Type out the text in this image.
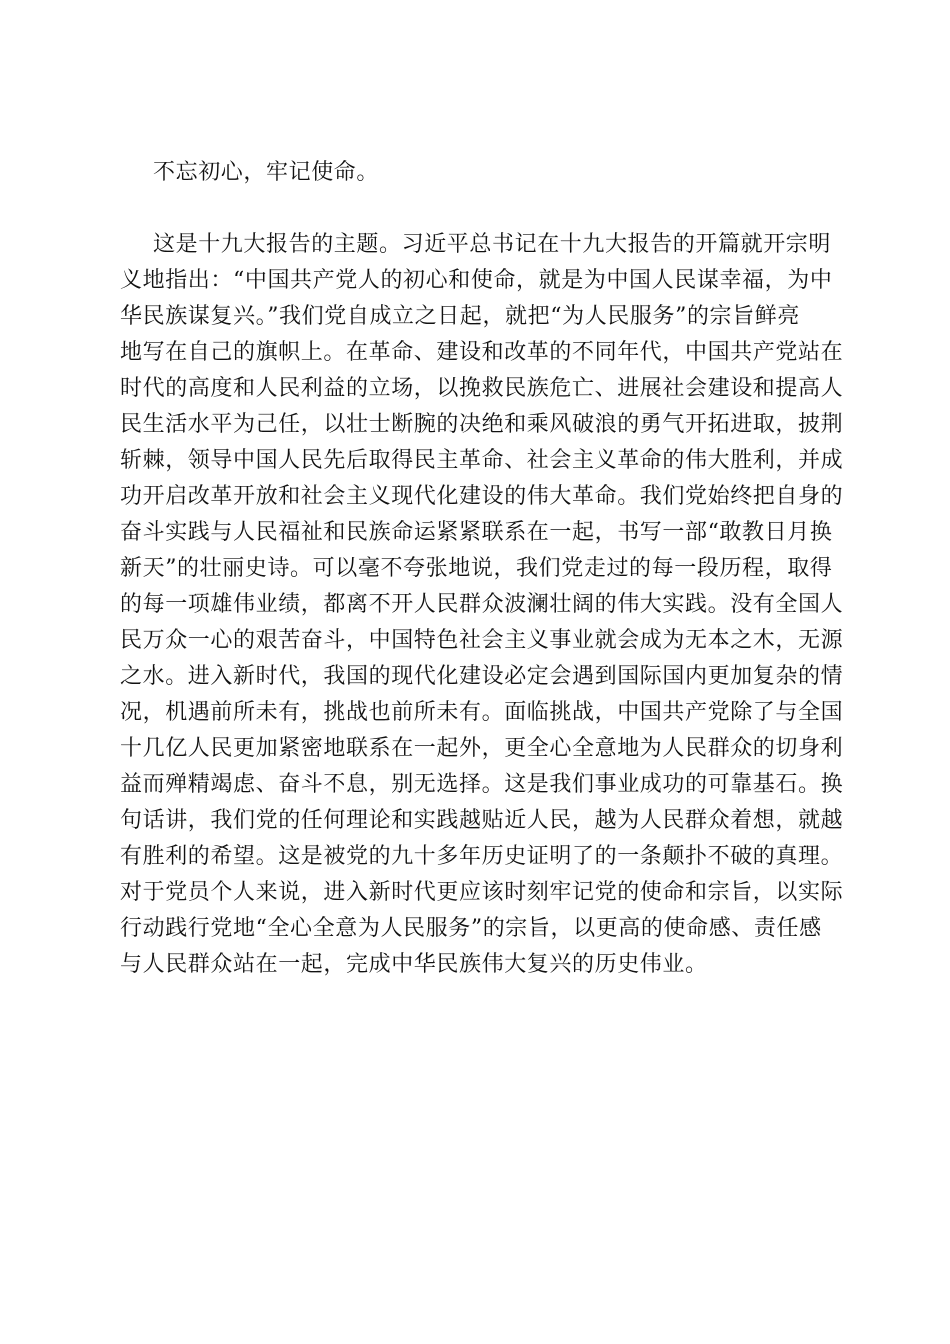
不忘初心，牢记使命。
这是十九大报告的主题。习近平总书记在十九大报告的开篇就开宗明
义地指出：“中国共产党人的初心和使命，就是为中国人民谋幸福，为中
华民族谋复兴。”我们党自成立之日起，就把“为人民服务”的宗旨鲜亮
地写在自己的旗帜上。在革命、建设和改革的不同年代，中国共产党站在
时代的高度和人民利益的立场，以挽救民族危亡、进展社会建设和提高人
民生活水平为己任，以壮士断腕的决绝和乘风破浪的勇气开拓进取，披荆
斩棘，领导中国人民先后取得民主革命、社会主义革命的伟大胜利，并成
功开启改革开放和社会主义现代化建设的伟大革命。我们党始终把自身的
奋斗实践与人民福祉和民族命运紧紧联系在一起，书写一部“敢教日月换
新天”的壮丽史诗。可以毫不夸张地说，我们党走过的每一段历程，取得
的每一项雄伟业绩，都离不开人民群众波澜壮阔的伟大实践。没有全国人
民万众一心的艰苦奋斗，中国特色社会主义事业就会成为无本之木，无源
之水。进入新时代，我国的现代化建设必定会遇到国际国内更加复杂的情
况，机遇前所未有，挑战也前所未有。面临挑战，中国共产党除了与全国
十几亿人民更加紧密地联系在一起外，更全心全意地为人民群众的切身利
益而殚精竭虑、奋斗不息，别无选择。这是我们事业成功的可靠基石。换
句话讲，我们党的任何理论和实践越贴近人民，越为人民群众着想，就越
有胜利的希望。这是被党的九十多年历史证明了的一条颠扑不破的真理。
对于党员个人来说，进入新时代更应该时刻牢记党的使命和宗旨，以实际
行动践行党地“全心全意为人民服务”的宗旨，以更高的使命感、责任感
与人民群众站在一起，完成中华民族伟大复兴的历史伟业。
